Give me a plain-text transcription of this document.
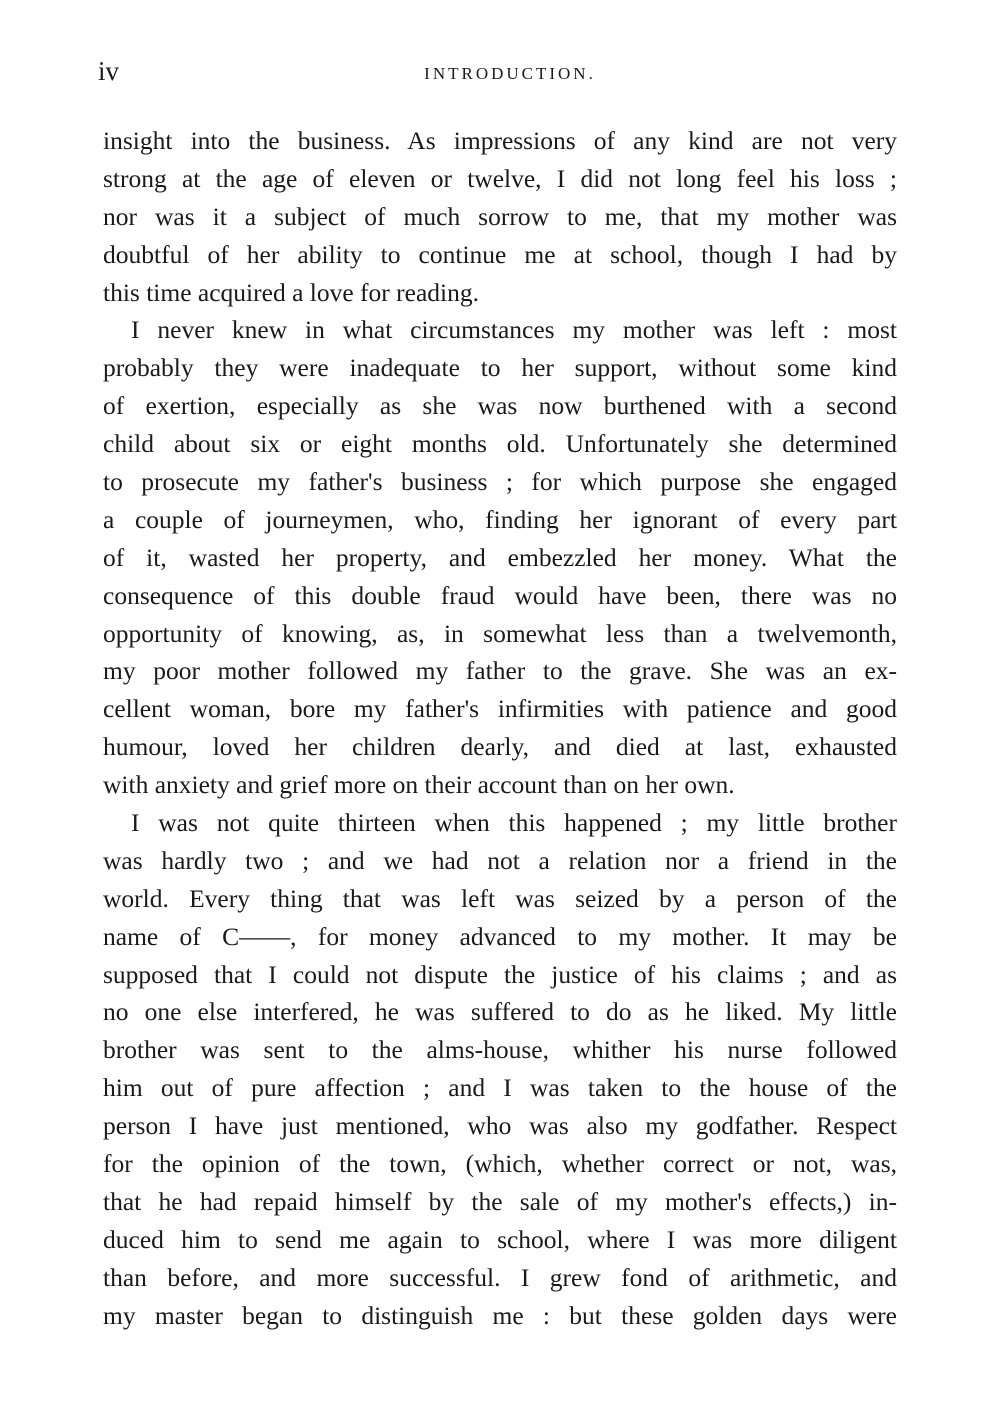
iv	INTRODUCTION.
insight into the business. As impressions of any kind are not very
strong at the age of eleven or twelve, I did not long feel his loss ;
nor was it a subject of much sorrow to me, that my mother was
doubtful of her ability to continue me at school, though I had by
this time acquired a love for reading.
I never knew in what circumstances my mother was left : most
probably they were inadequate to her support, without some kind
of exertion, especially as she was now burthened with a second
child about six or eight months old. Unfortunately she determined
to prosecute my father's business ; for which purpose she engaged
a couple of journeymen, who, finding her ignorant of every part
of it, wasted her property, and embezzled her money. What the
consequence of this double fraud would have been, there was no
opportunity of knowing, as, in somewhat less than a twelvemonth,
my poor mother followed my father to the grave. She was an ex-
cellent woman, bore my father's infirmities with patience and good
humour, loved her children dearly, and died at last, exhausted
with anxiety and grief more on their account than on her own.
I was not quite thirteen when this happened ; my little brother
was hardly two ; and we had not a relation nor a friend in the
world. Every thing that was left was seized by a person of the
name of C——, for money advanced to my mother. It may be
supposed that I could not dispute the justice of his claims ; and as
no one else interfered, he was suffered to do as he liked. My little
brother was sent to the alms-house, whither his nurse followed
him out of pure affection ; and I was taken to the house of the
person I have just mentioned, who was also my godfather. Respect
for the opinion of the town, (which, whether correct or not, was,
that he had repaid himself by the sale of my mother's effects,) in-
duced him to send me again to school, where I was more diligent
than before, and more successful. I grew fond of arithmetic, and
my master began to distinguish me : but these golden days were
